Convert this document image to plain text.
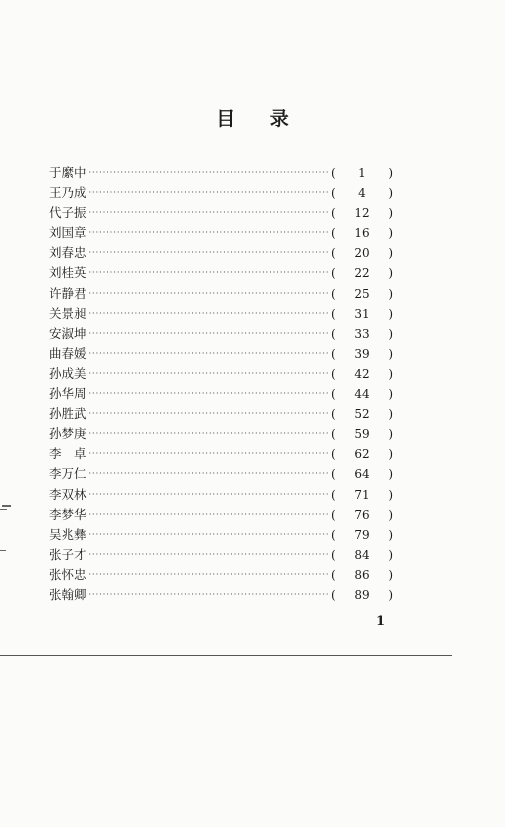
目 录
于縻中 ·····	(	1	)
王乃成 ·····	(	4	)
代子振 ·····	(	12	)
刘国章 ·····	(	16	)
刘春忠 ·····	(	20	)
刘桂英 ·····	(	22	)
许静君 ·····	(	25	)
关景昶 ·····	(	31	)
安淑坤 ·····	(	33	)
曲春媛 ·····	(	39	)
孙成美 ·····	(	42	)
孙华周 ·····	(	44	)
孙胜武 ·····	(	52	)
孙梦庚 ·····	(	59	)
李　卓 ·····	(	62	)
李万仁 ·····	(	64	)
李双林 ·····	(	71	)
李梦华 ·····	(	76	)
吴兆彝 ·····	(	79	)
张子才 ·····	(	84	)
张怀忠 ·····	(	86	)
张翰卿 ·····	(	89	)
1
